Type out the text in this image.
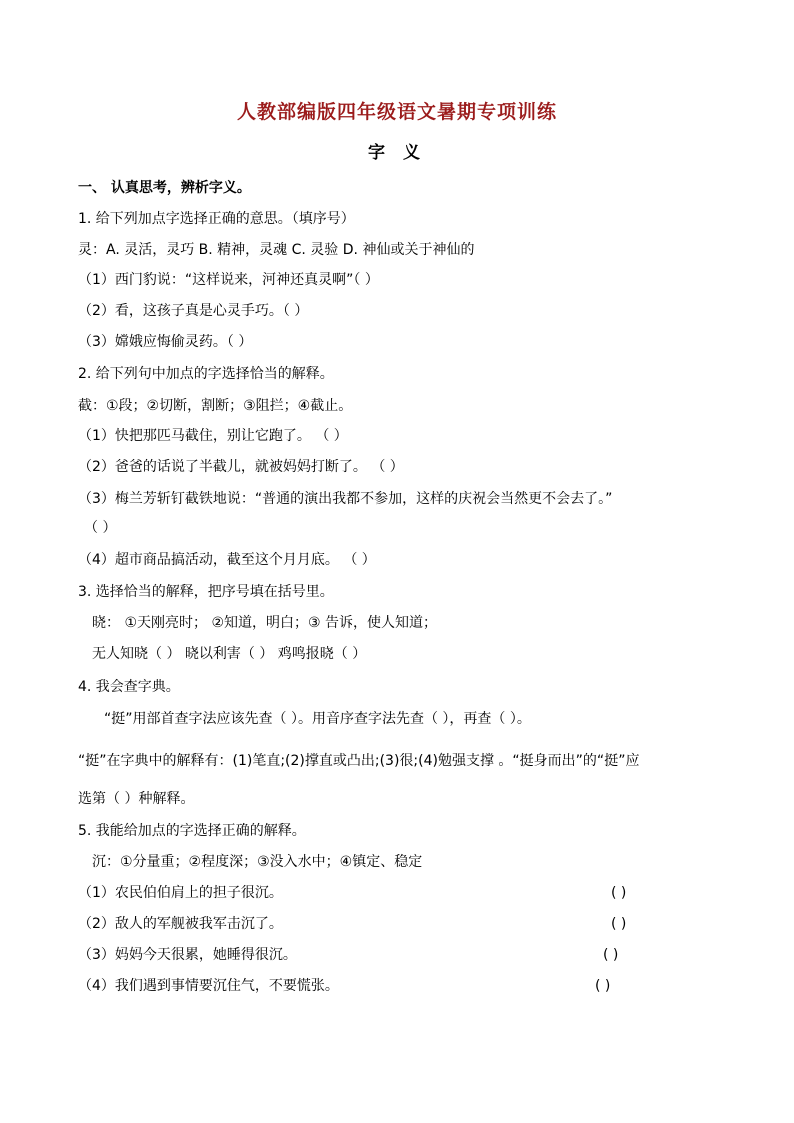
人教部编版四年级语文暑期专项训练
字 义
一、 认真思考，辨析字义。
1. 给下列加点字选择正确的意思。（填序号）
灵：A. 灵活，灵巧 B. 精神，灵魂 C. 灵验 D. 神仙或关于神仙的
（1）西门豹说：“这样说来，河神还真灵啊”（ ）
（2）看，这孩子真是心灵手巧。（ ）
（3）嫦娥应悔偷灵药。（ ）
2. 给下列句中加点的字选择恰当的解释。
截：①段；②切断，割断；③阻拦；④截止。
（1）快把那匹马截住，别让它跑了。 （ ）
（2）爸爸的话说了半截儿，就被妈妈打断了。 （ ）
（3）梅兰芳斩钉截铁地说：“普通的演出我都不参加，这样的庆祝会当然更不会去了。”
（ ）
（4）超市商品搞活动，截至这个月月底。 （ ）
3. 选择恰当的解释，把序号填在括号里。
晓： ①天刚亮时； ②知道，明白；③ 告诉，使人知道；
无人知晓（ ） 晓以利害（ ） 鸡鸣报晓（ ）
4. 我会查字典。
“挺”用部首查字法应该先查（ ）。用音序查字法先查（ ），再查（ ）。
“挺”在字典中的解释有：(1)笔直;(2)撑直或凸出;(3)很;(4)勉强支撑 。“挺身而出”的“挺”应
选第（ ）种解释。
5. 我能给加点的字选择正确的解释。
沉：①分量重；②程度深；③没入水中；④镇定、稳定
（1）农民伯伯肩上的担子很沉。	( )
（2）敌人的军舰被我军击沉了。	( )
（3）妈妈今天很累，她睡得很沉。	( )
（4）我们遇到事情要沉住气，不要慌张。	( )
